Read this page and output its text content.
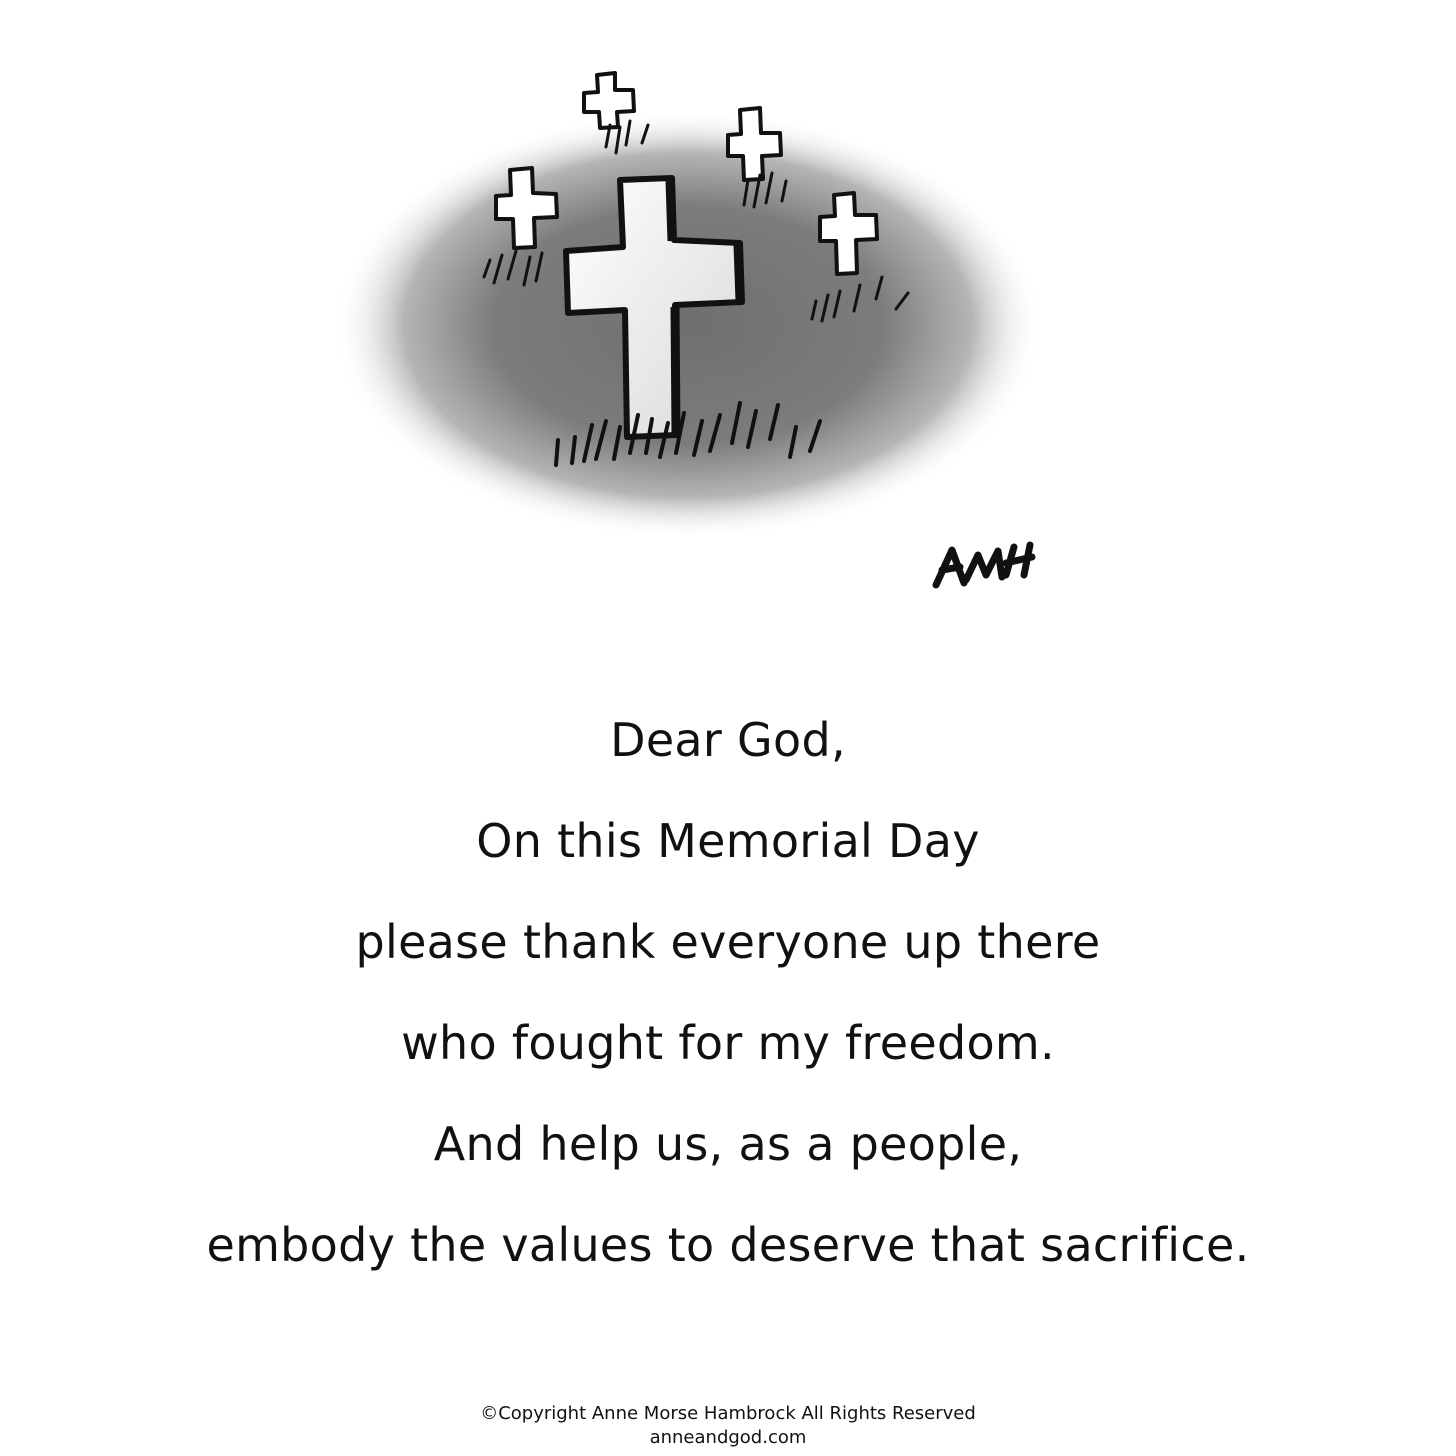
Dear God,
On this Memorial Day
please thank everyone up there
who fought for my freedom.
And help us, as a people,
embody the values to deserve that sacrifice.
©Copyright Anne Morse Hambrock All Rights Reserved
anneandgod.com
